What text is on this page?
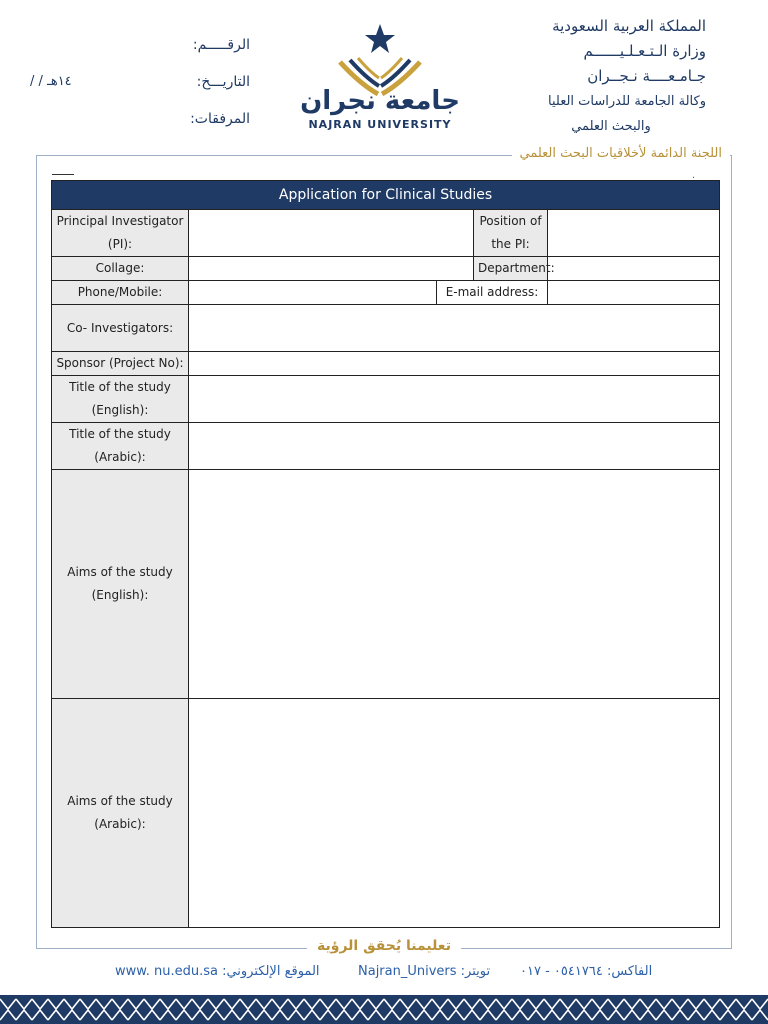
المملكة العربية السعودية
وزارة الـتـعـلـيــــــم
جـامـعــــة نـجــران
وكالة الجامعة للدراسات العليا
والبحث العلمي
جامعة نجران
NAJRAN UNIVERSITY
الرقـــــم:
التاريـــخ:
/ / ١٤هـ
المرفقات:
اللجنة الدائمة لأخلاقيات البحث العلمي
.
Application for Clinical Studies				
Principal Investigator (PI):			Position of the PI:	
Collage:			Department:	
Phone/Mobile:		E-mail address:		
Co- Investigators:				
Sponsor (Project No):				
Title of the study (English):				
Title of the study (Arabic):				
Aims of the study (English):				
Aims of the study (Arabic):				
تعليمنا يُحقق الرؤية
www. nu.edu.sa :الموقع الإلكتروني	Najran_Univers :تويتر الفاكس: ٠٥٤١٧٦٤ - ٠١٧
